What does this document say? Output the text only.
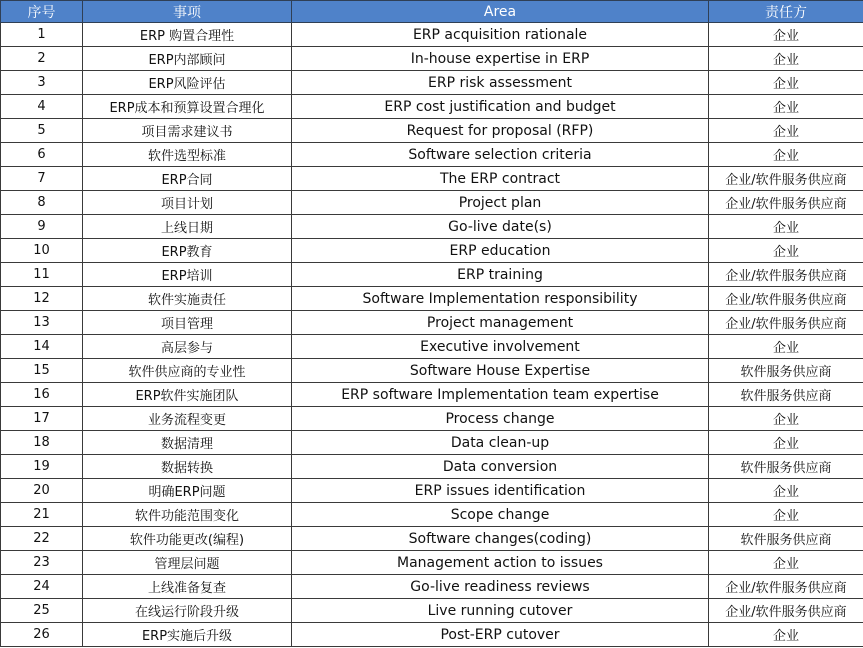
序号	事项	Area	责任方
1	ERP 购置合理性	ERP acquisition rationale	企业
2	ERP内部顾问	In-house expertise in ERP	企业
3	ERP风险评估	ERP risk assessment	企业
4	ERP成本和预算设置合理化	ERP cost justification and budget	企业
5	项目需求建议书	Request for proposal (RFP)	企业
6	软件选型标准	Software selection criteria	企业
7	ERP合同	The ERP contract	企业/软件服务供应商
8	项目计划	Project plan	企业/软件服务供应商
9	上线日期	Go-live date(s)	企业
10	ERP教育	ERP education	企业
11	ERP培训	ERP training	企业/软件服务供应商
12	软件实施责任	Software Implementation responsibility	企业/软件服务供应商
13	项目管理	Project management	企业/软件服务供应商
14	高层参与	Executive involvement	企业
15	软件供应商的专业性	Software House Expertise	软件服务供应商
16	ERP软件实施团队	ERP software Implementation team expertise	软件服务供应商
17	业务流程变更	Process change	企业
18	数据清理	Data clean-up	企业
19	数据转换	Data conversion	软件服务供应商
20	明确ERP问题	ERP issues identification	企业
21	软件功能范围变化	Scope change	企业
22	软件功能更改(编程)	Software changes(coding)	软件服务供应商
23	管理层问题	Management action to issues	企业
24	上线准备复查	Go-live readiness reviews	企业/软件服务供应商
25	在线运行阶段升级	Live running cutover	企业/软件服务供应商
26	ERP实施后升级	Post-ERP cutover	企业
